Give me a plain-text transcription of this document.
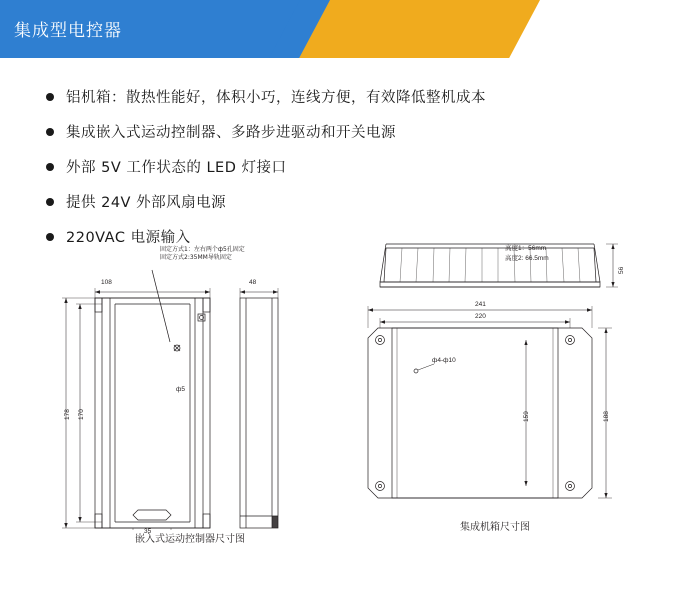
集成型电控器
铝机箱：散热性能好，体积小巧，连线方便，有效降低整机成本
集成嵌入式运动控制器、多路步进驱动和开关电源
外部 5V 工作状态的 LED 灯接口
提供 24V 外部风扇电源
220VAC 电源输入
固定方式1：左右两个ф5孔固定
固定方式2:35MM导轨固定
108	48
178 170
35
ф5
嵌入式运动控制器尺寸图
高度1：56mm
高度2: 66.5mm
56
241
220
159	188
ф4-ф10
集成机箱尺寸图
